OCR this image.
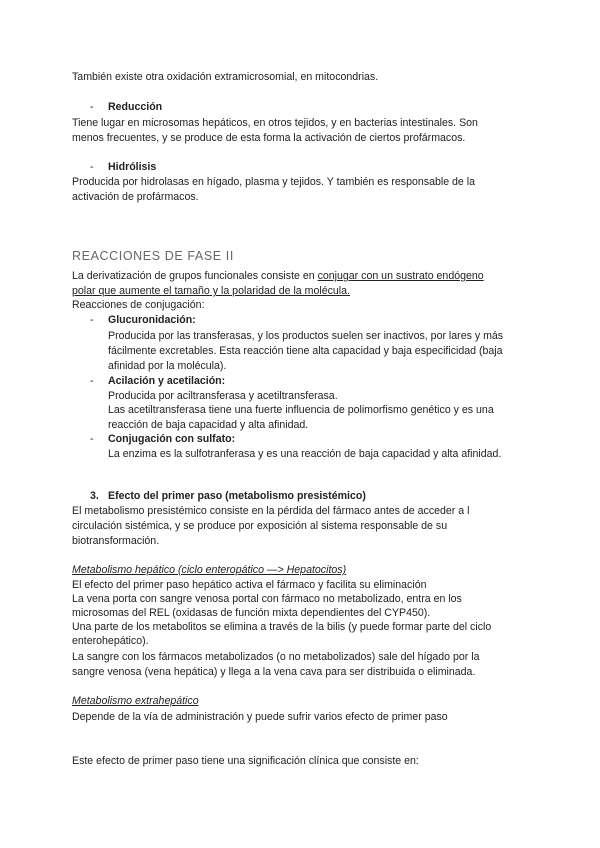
También existe otra oxidación extramicrosomial, en mitocondrias.
- Reducción
Tiene lugar en microsomas hepáticos, en otros tejidos, y en bacterias intestinales. Son
menos frecuentes, y se produce de esta forma la activación de ciertos profármacos.
- Hidrólisis
Producida por hidrolasas en hígado, plasma y tejidos. Y también es responsable de la
activación de profármacos.
REACCIONES DE FASE II
La derivatización de grupos funcionales consiste en conjugar con un sustrato endógeno
polar que aumente el tamaño y la polaridad de la molécula.
Reacciones de conjugación:
- Glucuronidación:
Producida por las transferasas, y los productos suelen ser inactivos, por lares y más
fácilmente excretables. Esta reacción tiene alta capacidad y baja especificidad (baja
afinidad por la molécula).
- Acilación y acetilación:
Producida por aciltransferasa y acetiltransferasa.
Las acetiltransferasa tiene una fuerte influencia de polimorfismo genético y es una
reacción de baja capacidad y alta afinidad.
- Conjugación con sulfato:
La enzima es la sulfotranferasa y es una reacción de baja capacidad y alta afinidad.
3. Efecto del primer paso (metabolismo presistémico)
El metabolismo presistémico consiste en la pérdida del fármaco antes de acceder a l
circulación sistémica, y se produce por exposición al sistema responsable de su
biotransformación.
Metabolismo hepático (ciclo enteropático —> Hepatocitos)
El efecto del primer paso hepático activa el fármaco y facilita su eliminación
La vena porta con sangre venosa portal con fármaco no metabolizado, entra en los
microsomas del REL (oxidasas de función mixta dependientes del CYP450).
Una parte de los metabolitos se elimina a través de la bilis (y puede formar parte del ciclo
enterohepático).
La sangre con los fármacos metabolizados (o no metabolizados) sale del hígado por la
sangre venosa (vena hepática) y llega a la vena cava para ser distribuida o eliminada.
Metabolismo extrahepático
Depende de la vía de administración y puede sufrir varios efecto de primer paso
Este efecto de primer paso tiene una significación clínica que consiste en:
